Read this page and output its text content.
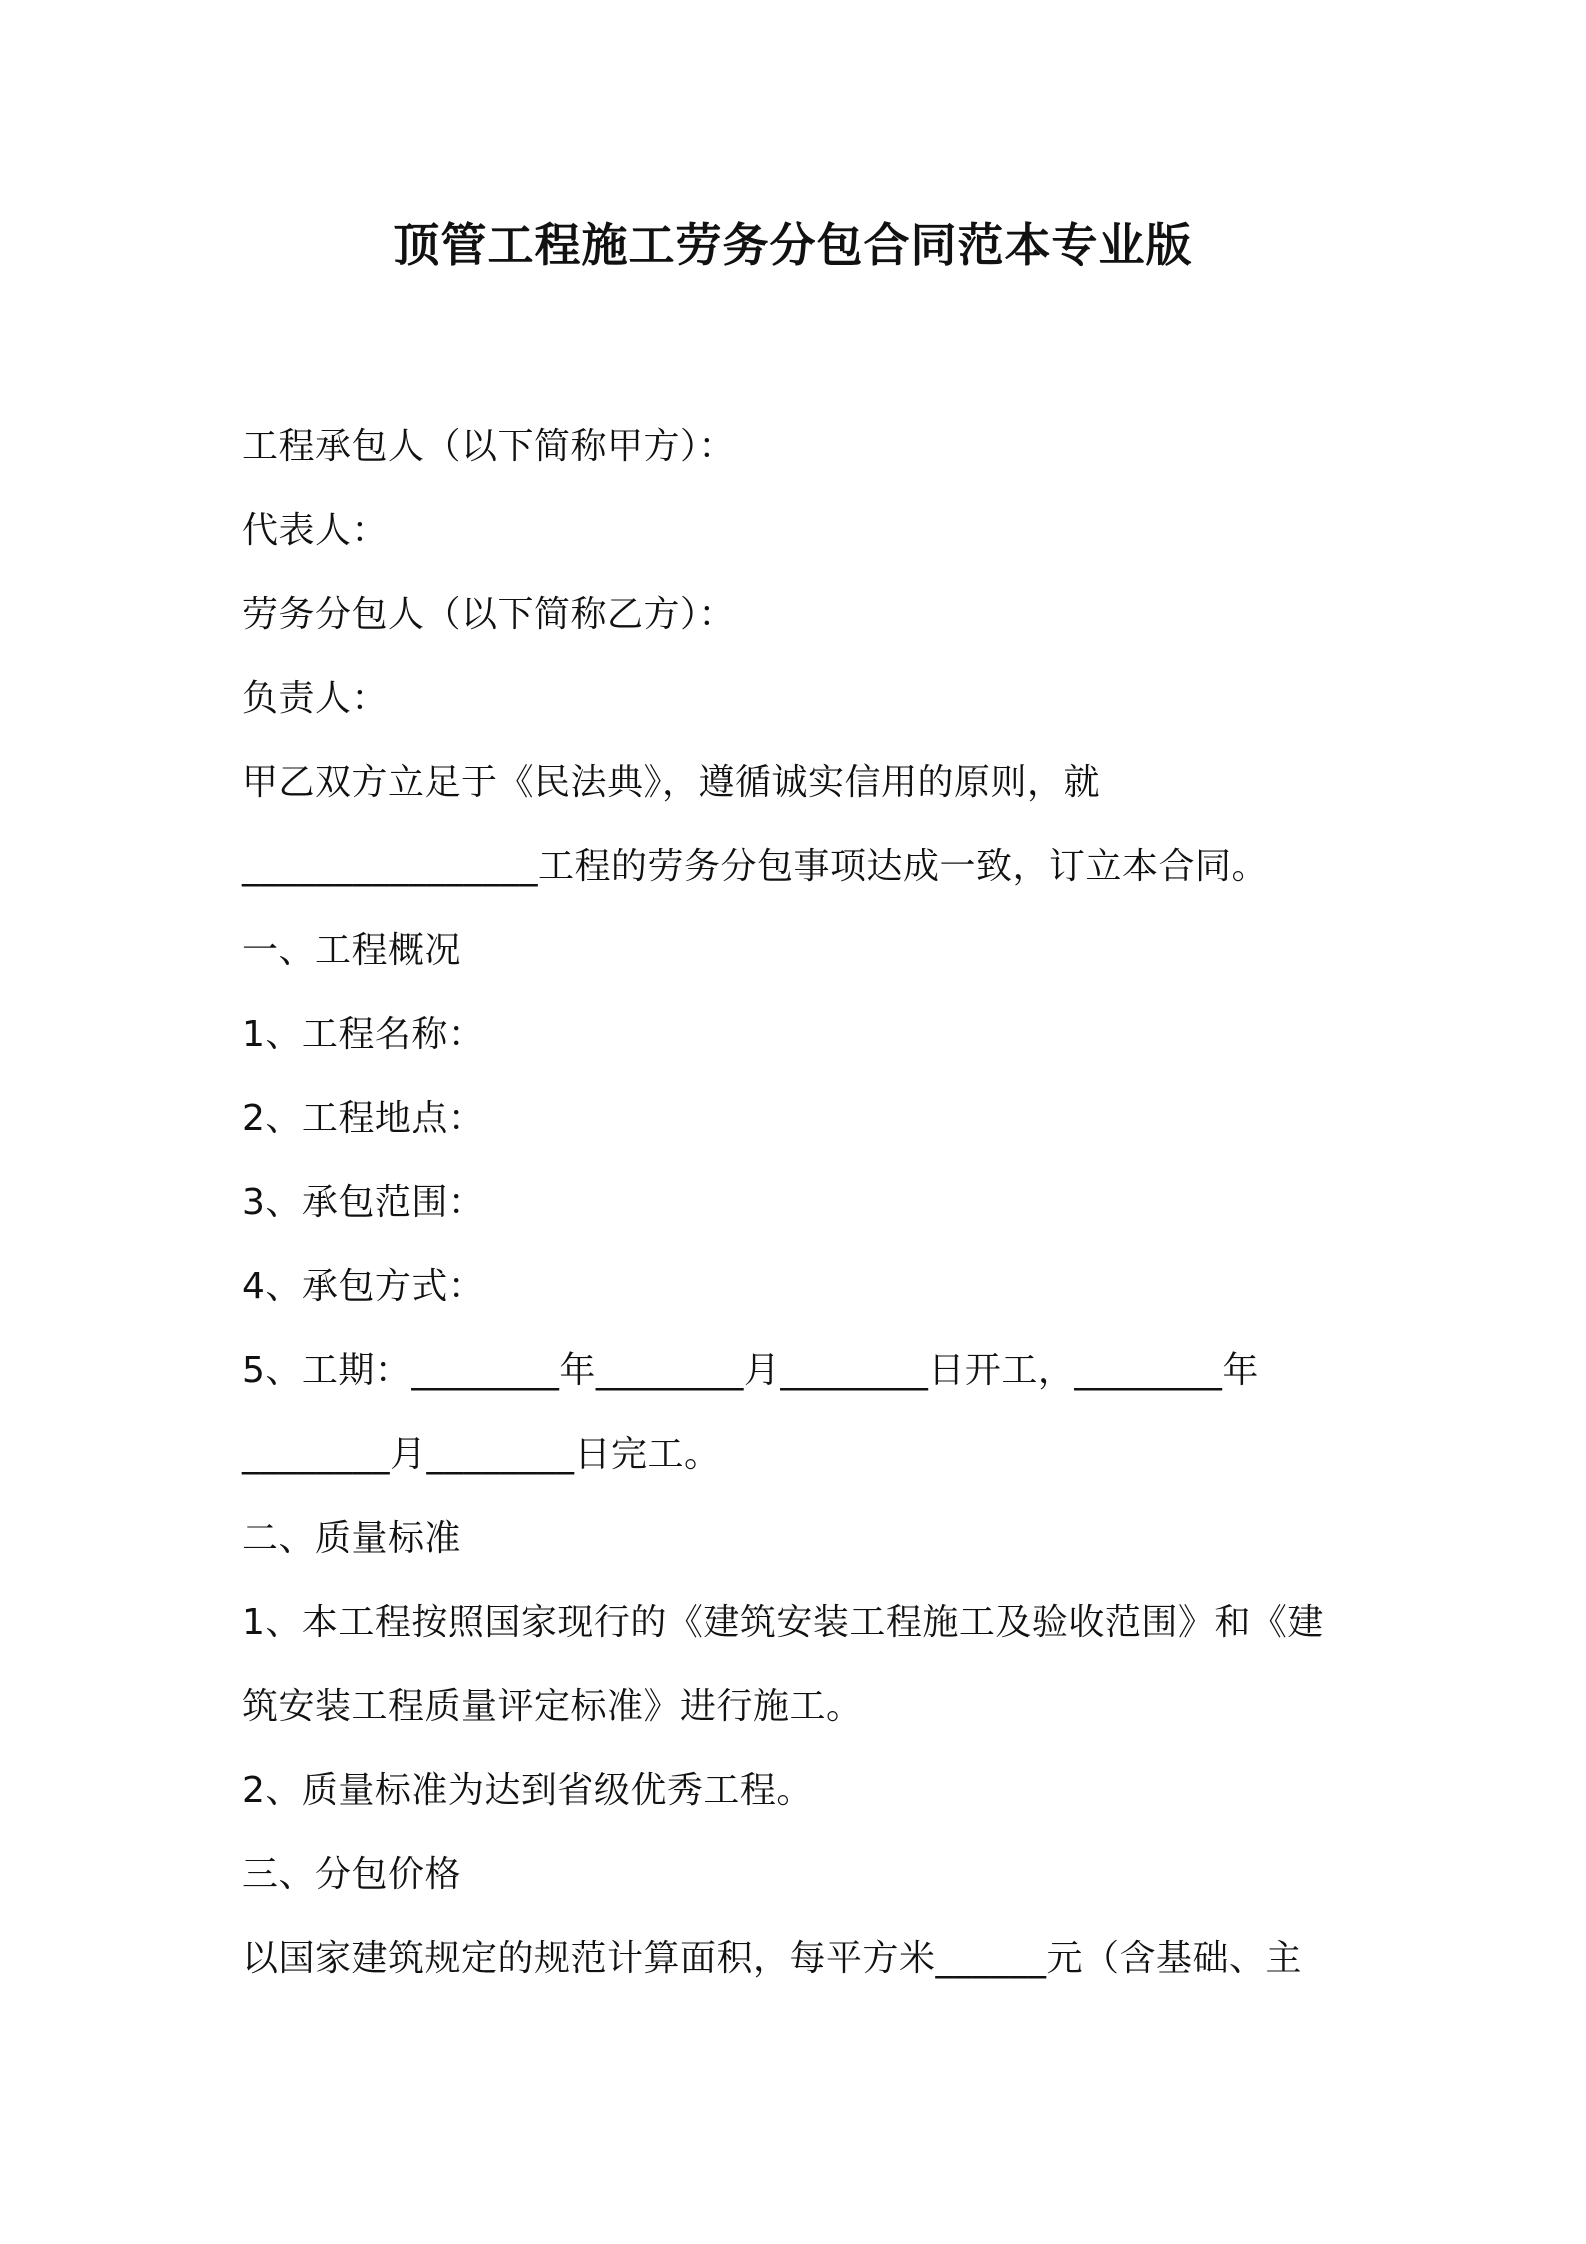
顶管工程施工劳务分包合同范本专业版
工程承包人（以下简称甲方）：
代表人：
劳务分包人（以下简称乙方）：
负责人：
甲乙双方立足于《民法典》，遵循诚实信用的原则，就
________________工程的劳务分包事项达成一致，订立本合同。
一、工程概况
1、工程名称：
2、工程地点：
3、承包范围：
4、承包方式：
5、工期：________年________月________日开工，________年
________月________日完工。
二、质量标准
1、本工程按照国家现行的《建筑安装工程施工及验收范围》和《建
筑安装工程质量评定标准》进行施工。
2、质量标准为达到省级优秀工程。
三、分包价格
以国家建筑规定的规范计算面积，每平方米______元（含基础、主
